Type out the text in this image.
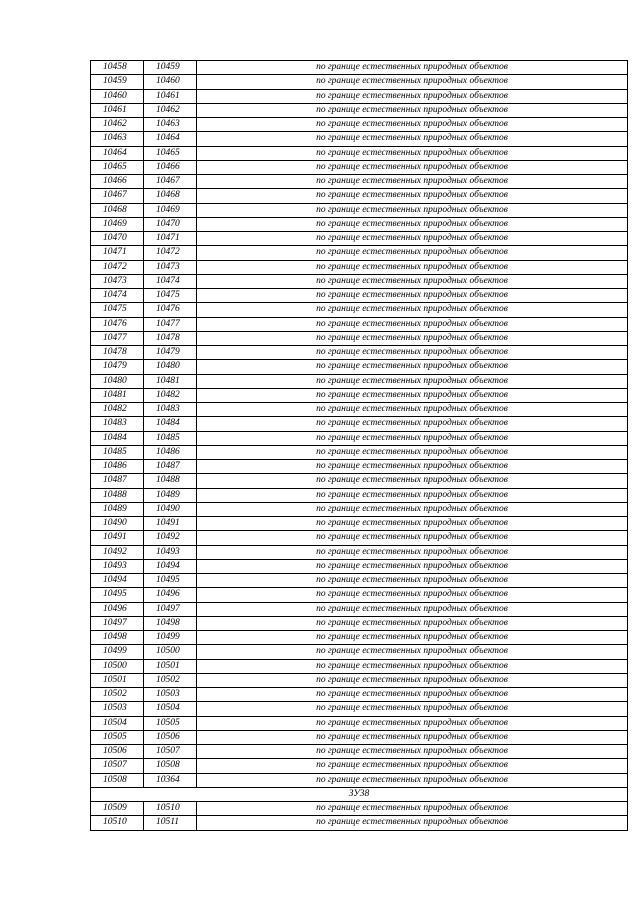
10458	10459	по границе естественных природных объектов
10459	10460	по границе естественных природных объектов
10460	10461	по границе естественных природных объектов
10461	10462	по границе естественных природных объектов
10462	10463	по границе естественных природных объектов
10463	10464	по границе естественных природных объектов
10464	10465	по границе естественных природных объектов
10465	10466	по границе естественных природных объектов
10466	10467	по границе естественных природных объектов
10467	10468	по границе естественных природных объектов
10468	10469	по границе естественных природных объектов
10469	10470	по границе естественных природных объектов
10470	10471	по границе естественных природных объектов
10471	10472	по границе естественных природных объектов
10472	10473	по границе естественных природных объектов
10473	10474	по границе естественных природных объектов
10474	10475	по границе естественных природных объектов
10475	10476	по границе естественных природных объектов
10476	10477	по границе естественных природных объектов
10477	10478	по границе естественных природных объектов
10478	10479	по границе естественных природных объектов
10479	10480	по границе естественных природных объектов
10480	10481	по границе естественных природных объектов
10481	10482	по границе естественных природных объектов
10482	10483	по границе естественных природных объектов
10483	10484	по границе естественных природных объектов
10484	10485	по границе естественных природных объектов
10485	10486	по границе естественных природных объектов
10486	10487	по границе естественных природных объектов
10487	10488	по границе естественных природных объектов
10488	10489	по границе естественных природных объектов
10489	10490	по границе естественных природных объектов
10490	10491	по границе естественных природных объектов
10491	10492	по границе естественных природных объектов
10492	10493	по границе естественных природных объектов
10493	10494	по границе естественных природных объектов
10494	10495	по границе естественных природных объектов
10495	10496	по границе естественных природных объектов
10496	10497	по границе естественных природных объектов
10497	10498	по границе естественных природных объектов
10498	10499	по границе естественных природных объектов
10499	10500	по границе естественных природных объектов
10500	10501	по границе естественных природных объектов
10501	10502	по границе естественных природных объектов
10502	10503	по границе естественных природных объектов
10503	10504	по границе естественных природных объектов
10504	10505	по границе естественных природных объектов
10505	10506	по границе естественных природных объектов
10506	10507	по границе естественных природных объектов
10507	10508	по границе естественных природных объектов
10508	10364	по границе естественных природных объектов
ЗУ38		
10509	10510	по границе естественных природных объектов
10510	10511	по границе естественных природных объектов
